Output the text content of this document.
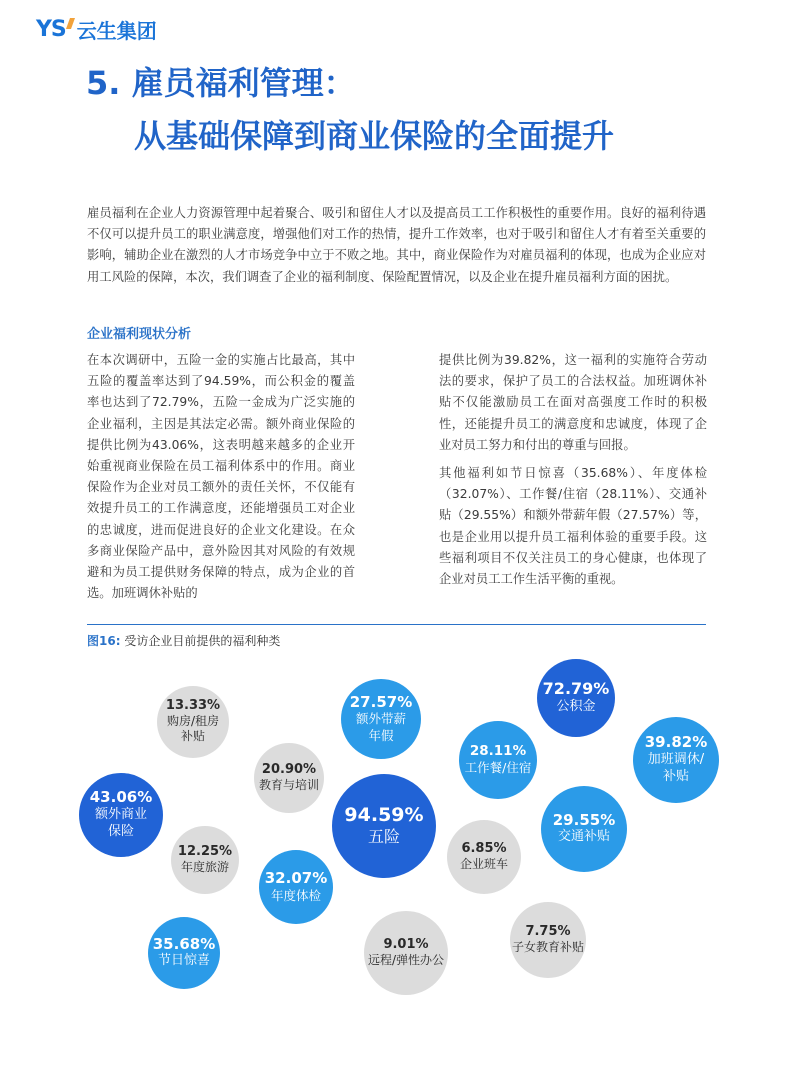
YS 云生集团
5. 雇员福利管理：
从基础保障到商业保险的全面提升

雇员福利在企业人力资源管理中起着聚合、吸引和留住人才以及提高员工工作积极性的重要作用。良好的福利待遇不仅可以提升员工的职业满意度，增强他们对工作的热情，提升工作效率，也对于吸引和留住人才有着至关重要的影响，辅助企业在激烈的人才市场竞争中立于不败之地。其中，商业保险作为对雇员福利的体现，也成为企业应对用工风险的保障，本次，我们调查了企业的福利制度、保险配置情况，以及企业在提升雇员福利方面的困扰。

企业福利现状分析

在本次调研中，五险一金的实施占比最高，其中五险的覆盖率达到了94.59%，而公积金的覆盖率也达到了72.79%，五险一金成为广泛实施的企业福利，主因是其法定必需。额外商业保险的提供比例为43.06%，这表明越来越多的企业开始重视商业保险在员工福利体系中的作用。商业保险作为企业对员工额外的责任关怀，不仅能有效提升员工的工作满意度，还能增强员工对企业的忠诚度，进而促进良好的企业文化建设。在众多商业保险产品中，意外险因其对风险的有效规避和为员工提供财务保障的特点，成为企业的首选。加班调休补贴的

提供比例为39.82%，这一福利的实施符合劳动法的要求，保护了员工的合法权益。加班调休补贴不仅能激励员工在面对高强度工作时的积极性，还能提升员工的满意度和忠诚度，体现了企业对员工努力和付出的尊重与回报。

其他福利如节日惊喜（35.68%）、年度体检（32.07%）、工作餐/住宿（28.11%）、交通补贴（29.55%）和额外带薪年假（27.57%）等，也是企业用以提升员工福利体验的重要手段。这些福利项目不仅关注员工的身心健康，也体现了企业对员工工作生活平衡的重视。

图16: 受访企业目前提供的福利种类
94.59%
五险
72.79%
公积金
43.06%
额外商业
保险
39.82%
加班调休/
补贴
35.68%
节日惊喜
32.07%
年度体检
29.55%
交通补贴
28.11%
工作餐/住宿
27.57%
额外带薪
年假
20.90%
教育与培训
13.33%
购房/租房
补贴
12.25%
年度旅游
9.01%
远程/弹性办公
7.75%
子女教育补贴
6.85%
企业班车
